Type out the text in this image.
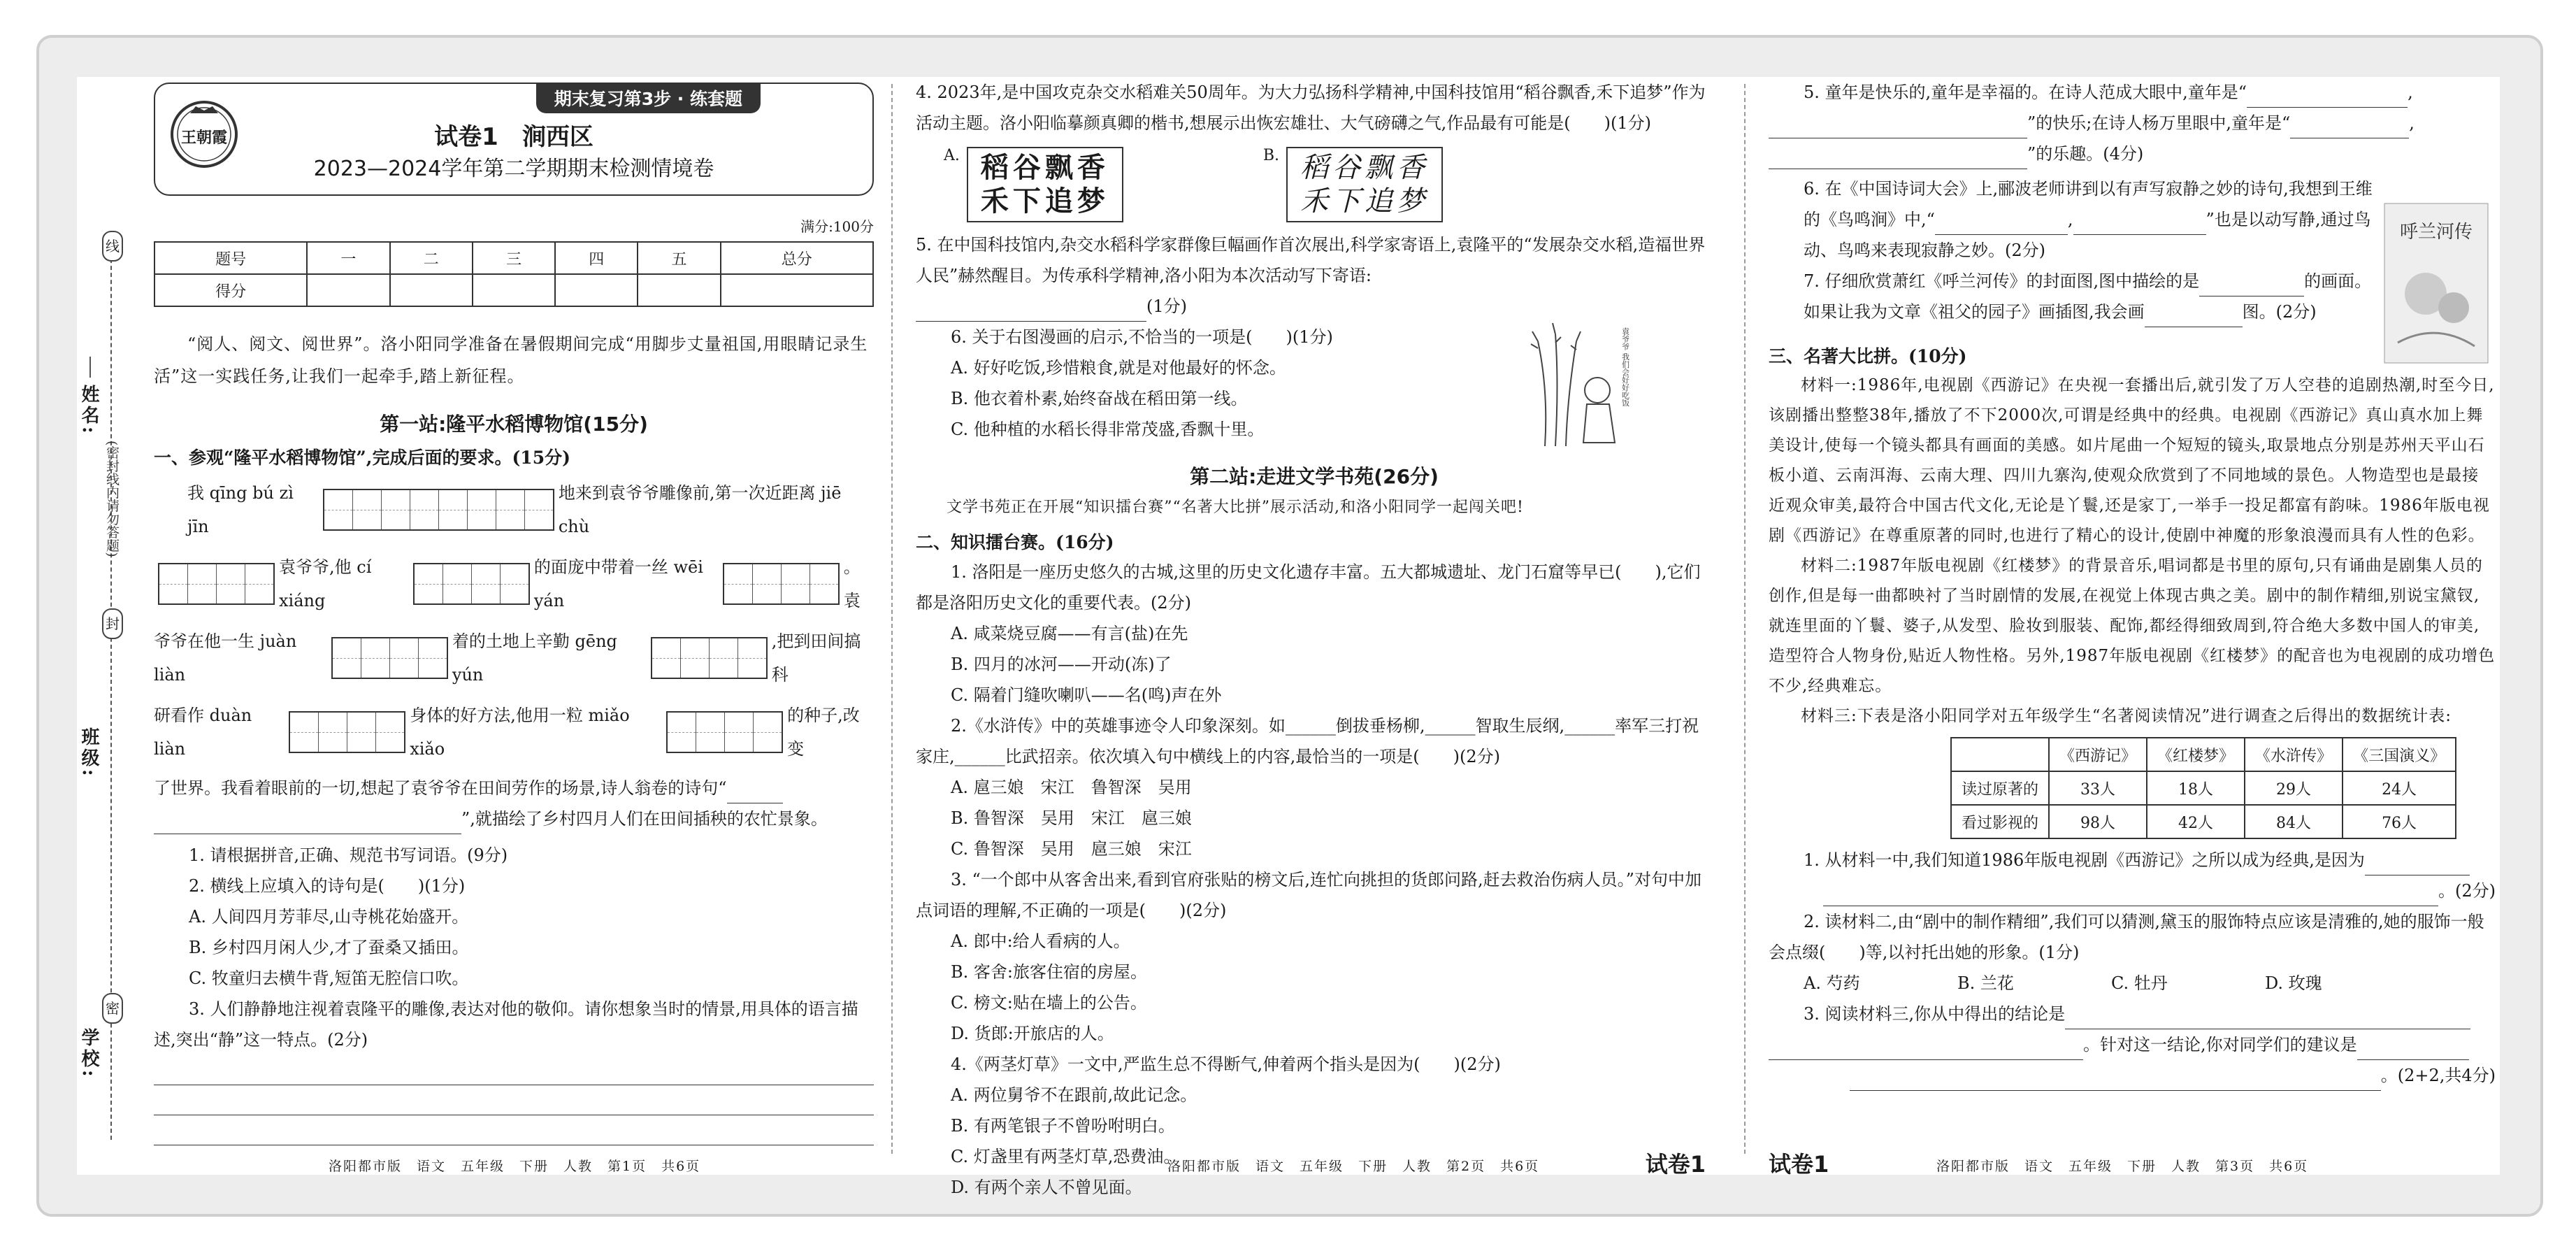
姓名:
班级:
学校:
线
封
密
(密封线内请勿答题)
期末复习第3步 · 练套题
王朝霞	试卷1　涧西区
2023—2024学年第二学期期末检测情境卷
满分:100分
题号	一	二	三	四	五	总分
得分						

“阅人、阅文、阅世界”。洛小阳同学准备在暑假期间完成“用脚步丈量祖国,用眼睛记录生活”这一实践任务,让我们一起牵手,踏上新征程。

第一站:隆平水稻博物馆(15分)
一、参观“隆平水稻博物馆”,完成后面的要求。(15分)
我 qīng bú zì jīn
地来到袁爷爷雕像前,第一次近距离 jiē chù
袁爷爷,他 cí xiáng
的面庞中带着一丝 wēi yán
。袁
爷爷在他一生 juàn liàn
着的土地上辛勤 gēng yún
,把到田间搞科
研看作 duàn liàn
身体的好方法,他用一粒 miǎo xiǎo
的种子,改变

了世界。我看着眼前的一切,想起了袁爷爷在田间劳作的场景,诗人翁卷的诗句“

”,就描绘了乡村四月人们在田间插秧的农忙景象。

1. 请根据拼音,正确、规范书写词语。(9分)

2. 横线上应填入的诗句是(　　)(1分)

A. 人间四月芳菲尽,山寺桃花始盛开。

B. 乡村四月闲人少,才了蚕桑又插田。

C. 牧童归去横牛背,短笛无腔信口吹。

3. 人们静静地注视着袁隆平的雕像,表达对他的敬仰。请你想象当时的情景,用具体的语言描述,突出“静”这一特点。(2分)

洛阳都市版　语文　五年级　下册　人教　第1页　共6页

4. 2023年,是中国攻克杂交水稻难关50周年。为大力弘扬科学精神,中国科技馆用“稻谷飘香,禾下追梦”作为活动主题。洛小阳临摹颜真卿的楷书,想展示出恢宏雄壮、大气磅礴之气,作品最有可能是(　　)(1分)

A. 稻谷飘香
禾下追梦
B. 稻谷飘香
禾下追梦

5. 在中国科技馆内,杂交水稻科学家群像巨幅画作首次展出,科学家寄语上,袁隆平的“发展杂交水稻,造福世界人民”赫然醒目。为传承科学精神,洛小阳为本次活动写下寄语:

(1分)

6. 关于右图漫画的启示,不恰当的一项是(　　)(1分)

A. 好好吃饭,珍惜粮食,就是对他最好的怀念。

B. 他衣着朴素,始终奋战在稻田第一线。

C. 他种植的水稻长得非常茂盛,香飘十里。

袁爷爷 我们会好好吃饭
第二站:走进文学书苑(26分)

文学书苑正在开展“知识擂台赛”“名著大比拼”展示活动,和洛小阳同学一起闯关吧!

二、知识擂台赛。(16分)

1. 洛阳是一座历史悠久的古城,这里的历史文化遗存丰富。五大都城遗址、龙门石窟等早已(　　),它们都是洛阳历史文化的重要代表。(2分)

A. 咸菜烧豆腐——有言(盐)在先

B. 四月的冰河——开动(冻)了

C. 隔着门缝吹喇叭——名(鸣)声在外

2.《水浒传》中的英雄事迹令人印象深刻。如______倒拔垂杨柳,______智取生辰纲,______率军三打祝家庄,______比武招亲。依次填入句中横线上的内容,最恰当的一项是(　　)(2分)

A. 扈三娘　宋江　鲁智深　吴用

B. 鲁智深　吴用　宋江　扈三娘

C. 鲁智深　吴用　扈三娘　宋江

3. “一个郎中从客舍出来,看到官府张贴的榜文后,连忙向挑担的货郎问路,赶去救治伤病人员。”对句中加点词语的理解,不正确的一项是(　　)(2分)

A. 郎中:给人看病的人。

B. 客舍:旅客住宿的房屋。

C. 榜文:贴在墙上的公告。

D. 货郎:开旅店的人。

4.《两茎灯草》一文中,严监生总不得断气,伸着两个指头是因为(　　)(2分)

A. 两位舅爷不在跟前,故此记念。

B. 有两笔银子不曾吩咐明白。

C. 灯盏里有两茎灯草,恐费油。

D. 有两个亲人不曾见面。

洛阳都市版　语文　五年级　下册　人教　第2页　共6页	试卷1

5. 童年是快乐的,童年是幸福的。在诗人范成大眼中,童年是“	,

”的快乐;在诗人杨万里眼中,童年是“	,

”的乐趣。(4分)

6. 在《中国诗词大会》上,郦波老师讲到以有声写寂静之妙的诗句,我想到王维的《鸟鸣涧》中,“	,	”也是以动写静,通过鸟动、鸟鸣来表现寂静之妙。(2分)

7. 仔细欣赏萧红《呼兰河传》的封面图,图中描绘的是	的画面。如果让我为文章《祖父的园子》画插图,我会画	图。(2分)

呼兰河传
三、名著大比拼。(10分)

材料一:1986年,电视剧《西游记》在央视一套播出后,就引发了万人空巷的追剧热潮,时至今日,该剧播出整整38年,播放了不下2000次,可谓是经典中的经典。电视剧《西游记》真山真水加上舞美设计,使每一个镜头都具有画面的美感。如片尾曲一个短短的镜头,取景地点分别是苏州天平山石板小道、云南洱海、云南大理、四川九寨沟,使观众欣赏到了不同地域的景色。人物造型也是最接近观众审美,最符合中国古代文化,无论是丫鬟,还是家丁,一举手一投足都富有韵味。1986年版电视剧《西游记》在尊重原著的同时,也进行了精心的设计,使剧中神魔的形象浪漫而具有人性的色彩。

材料二:1987年版电视剧《红楼梦》的背景音乐,唱词都是书里的原句,只有诵曲是剧集人员的创作,但是每一曲都映衬了当时剧情的发展,在视觉上体现古典之美。剧中的制作精细,别说宝黛钗,就连里面的丫鬟、婆子,从发型、脸妆到服装、配饰,都经得细致周到,符合绝大多数中国人的审美,造型符合人物身份,贴近人物性格。另外,1987年版电视剧《红楼梦》的配音也为电视剧的成功增色不少,经典难忘。

材料三:下表是洛小阳同学对五年级学生“名著阅读情况”进行调查之后得出的数据统计表:

	《西游记》	《红楼梦》	《水浒传》	《三国演义》
读过原著的	33人	18人	29人	24人
看过影视的	98人	42人	84人	76人

1. 从材料一中,我们知道1986年版电视剧《西游记》之所以成为经典,是因为

。(2分)

2. 读材料二,由“剧中的制作精细”,我们可以猜测,黛玉的服饰特点应该是清雅的,她的服饰一般会点缀(　　)等,以衬托出她的形象。(1分)

A. 芍药	B. 兰花	C. 牡丹	D. 玫瑰

3. 阅读材料三,你从中得出的结论是

。针对这一结论,你对同学们的建议是

。(2+2,共4分)

试卷1	洛阳都市版　语文　五年级　下册　人教　第3页　共6页
